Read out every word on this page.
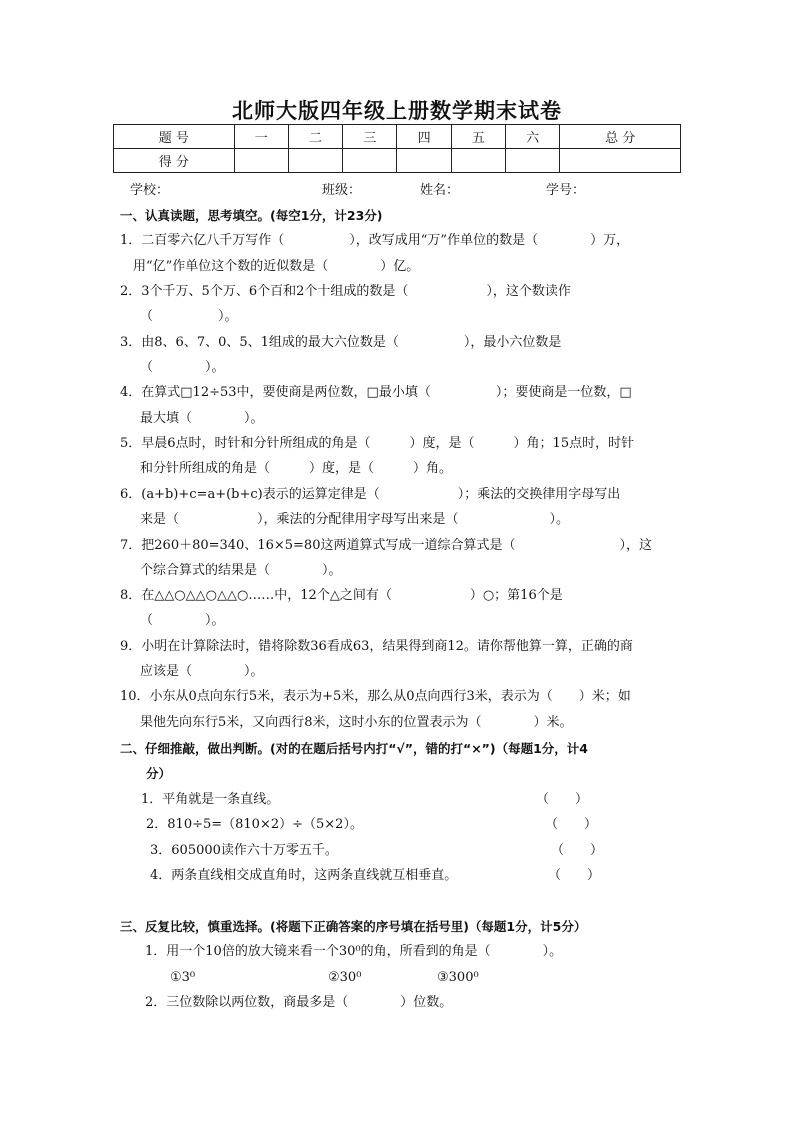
北师大版四年级上册数学期末试卷
题 号	一	二	三	四	五	六	总 分
得 分							
学校：	班级：	姓名：	学号：
一、认真读题，思考填空。(每空1分，计23分)
1．二百零六亿八千万写作（　　　　　），改写成用“万”作单位的数是（　　　　）万，
用“亿”作单位这个数的近似数是（　　　　）亿。
2．3个千万、5个万、6个百和2个十组成的数是（　　　　　　），这个数读作
（　　　　　）。
3．由8、6、7、0、5、1组成的最大六位数是（　　　　　），最小六位数是
（　　　　）。
4．在算式□12÷53中，要使商是两位数，□最小填（　　　　　）；要使商是一位数，□
最大填（　　　　）。
5．早晨6点时，时针和分针所组成的角是（　　　）度，是（　　　）角；15点时，时针
和分针所组成的角是（　　　）度，是（　　　）角。
6．(a+b)+c=a+(b+c)表示的运算定律是（　　　　　　）；乘法的交换律用字母写出
来是（　　　　　　），乘法的分配律用字母写出来是（　　　　　　　）。
7．把260＋80=340、16×5=80这两道算式写成一道综合算式是（　　　　　　　　），这
个综合算式的结果是（　　　　）。
8．在△△○△△○△△○……中，12个△之间有（　　　　　　）○；第16个是
（　　　　）。
9．小明在计算除法时，错将除数36看成63，结果得到商12。请你帮他算一算，正确的商
应该是（　　　　）。
10．小东从0点向东行5米，表示为+5米，那么从0点向西行3米，表示为（　　）米；如
果他先向东行5米，又向西行8米，这时小东的位置表示为（　　　　）米。
二、仔细推敲，做出判断。(对的在题后括号内打“√”，错的打“×”)（每题1分，计4
分）
1．平角就是一条直线。	（　　）
2．810÷5=（810×2）÷（5×2）。	（　　）
3．605000读作六十万零五千。	（　　）
4．两条直线相交成直角时，这两条直线就互相垂直。	（　　）
三、反复比较，慎重选择。(将题下正确答案的序号填在括号里)（每题1分，计5分）
1．用一个10倍的放大镜来看一个30⁰的角，所看到的角是（　　　　）。
①3⁰	②30⁰	③300⁰
2．三位数除以两位数，商最多是（　　　　）位数。
